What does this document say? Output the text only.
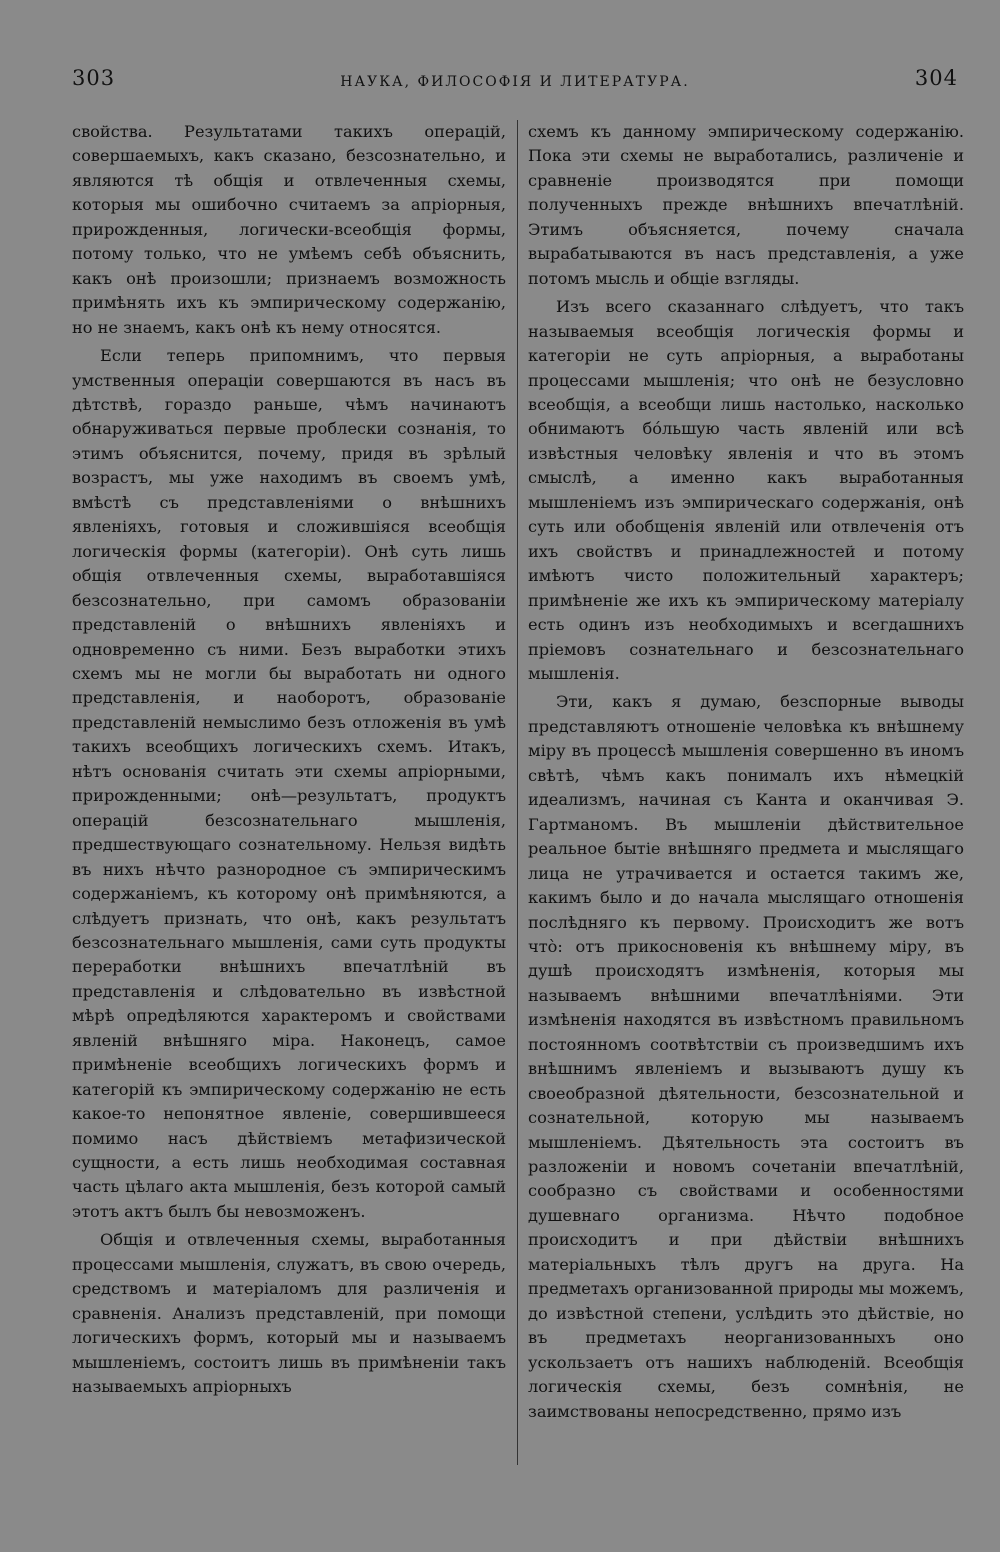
303	НАУКА, ФИЛОСОФІЯ И ЛИТЕРАТУРА.	304

свойства. Результатами такихъ операцій, совершаемыхъ, какъ сказано, безсознательно, и являются тѣ общія и отвлеченныя схемы, которыя мы ошибочно считаемъ за апріорныя, прирожденныя, логически-всеобщія формы, потому только, что не умѣемъ себѣ объяснить, какъ онѣ произошли; признаемъ возможность примѣнять ихъ къ эмпирическому содержанію, но не знаемъ, какъ онѣ къ нему относятся.

Если теперь припомнимъ, что первыя умственныя операціи совершаются въ насъ въ дѣтствѣ, гораздо раньше, чѣмъ начинаютъ обнаруживаться первые проблески сознанія, то этимъ объяснится, почему, придя въ зрѣлый возрастъ, мы уже находимъ въ своемъ умѣ, вмѣстѣ съ представленіями о внѣшнихъ явленіяхъ, готовыя и сложившіяся всеобщія логическія формы (категоріи). Онѣ суть лишь общія отвлеченныя схемы, выработавшіяся безсознательно, при самомъ образованіи представленій о внѣшнихъ явленіяхъ и одновременно съ ними. Безъ выработки этихъ схемъ мы не могли бы выработать ни одного представленія, и наоборотъ, образованіе представленій немыслимо безъ отложенія въ умѣ такихъ всеобщихъ логическихъ схемъ. Итакъ, нѣтъ основанія считать эти схемы апріорными, прирожденными; онѣ—результатъ, продуктъ операцій безсознательнаго мышленія, предшествующаго сознательному. Нельзя видѣть въ нихъ нѣчто разнородное съ эмпирическимъ содержаніемъ, къ которому онѣ примѣняются, а слѣдуетъ признать, что онѣ, какъ результатъ безсознательнаго мышленія, сами суть продукты переработки внѣшнихъ впечатлѣній въ представленія и слѣдовательно въ извѣстной мѣрѣ опредѣляются характеромъ и свойствами явленій внѣшняго міра. Наконецъ, самое примѣненіе всеобщихъ логическихъ формъ и категорій къ эмпирическому содержанію не есть какое-то непонятное явленіе, совершившееся помимо насъ дѣйствіемъ метафизической сущности, а есть лишь необходимая составная часть цѣлаго акта мышленія, безъ которой самый этотъ актъ былъ бы невозможенъ.

Общія и отвлеченныя схемы, выработанныя процессами мышленія, служатъ, въ свою очередь, средствомъ и матеріаломъ для различенія и сравненія. Анализъ представленій, при помощи логическихъ формъ, который мы и называемъ мышленіемъ, состоитъ лишь въ примѣненіи такъ называемыхъ апріорныхъ

схемъ къ данному эмпирическому содержанію. Пока эти схемы не выработались, различеніе и сравненіе производятся при помощи полученныхъ прежде внѣшнихъ впечатлѣній. Этимъ объясняется, почему сначала вырабатываются въ насъ представленія, а уже потомъ мысль и общіе взгляды.

Изъ всего сказаннаго слѣдуетъ, что такъ называемыя всеобщія логическія формы и категоріи не суть апріорныя, а выработаны процессами мышленія; что онѣ не безусловно всеобщія, а всеобщи лишь настолько, насколько обнимаютъ бо́льшую часть явленій или всѣ извѣстныя человѣку явленія и что въ этомъ смыслѣ, а именно какъ выработанныя мышленіемъ изъ эмпирическаго содержанія, онѣ суть или обобщенія явленій или отвлеченія отъ ихъ свойствъ и принадлежностей и потому имѣютъ чисто положительный характеръ; примѣненіе же ихъ къ эмпирическому матеріалу есть одинъ изъ необходимыхъ и всегдашнихъ пріемовъ сознательнаго и безсознательнаго мышленія.

Эти, какъ я думаю, безспорные выводы представляютъ отношеніе человѣка къ внѣшнему міру въ процессѣ мышленія совершенно въ иномъ свѣтѣ, чѣмъ какъ понималъ ихъ нѣмецкій идеализмъ, начиная съ Канта и оканчивая Э. Гартманомъ. Въ мышленіи дѣйствительное реальное бытіе внѣшняго предмета и мыслящаго лица не утрачивается и остается такимъ же, какимъ было и до начала мыслящаго отношенія послѣдняго къ первому. Происходитъ же вотъ что̀: отъ прикосновенія къ внѣшнему міру, въ душѣ происходятъ измѣненія, которыя мы называемъ внѣшними впечатлѣніями. Эти измѣненія находятся въ извѣстномъ правильномъ постоянномъ соотвѣтствіи съ произведшимъ ихъ внѣшнимъ явленіемъ и вызываютъ душу къ своеобразной дѣятельности, безсознательной и сознательной, которую мы называемъ мышленіемъ. Дѣятельность эта состоитъ въ разложеніи и новомъ сочетаніи впечатлѣній, сообразно съ свойствами и особенностями душевнаго организма. Нѣчто подобное происходитъ и при дѣйствіи внѣшнихъ матеріальныхъ тѣлъ другъ на друга. На предметахъ организованной природы мы можемъ, до извѣстной степени, услѣдить это дѣйствіе, но въ предметахъ неорганизованныхъ оно ускользаетъ отъ нашихъ наблюденій. Всеобщія логическія схемы, безъ сомнѣнія, не заимствованы непосредственно, прямо изъ
